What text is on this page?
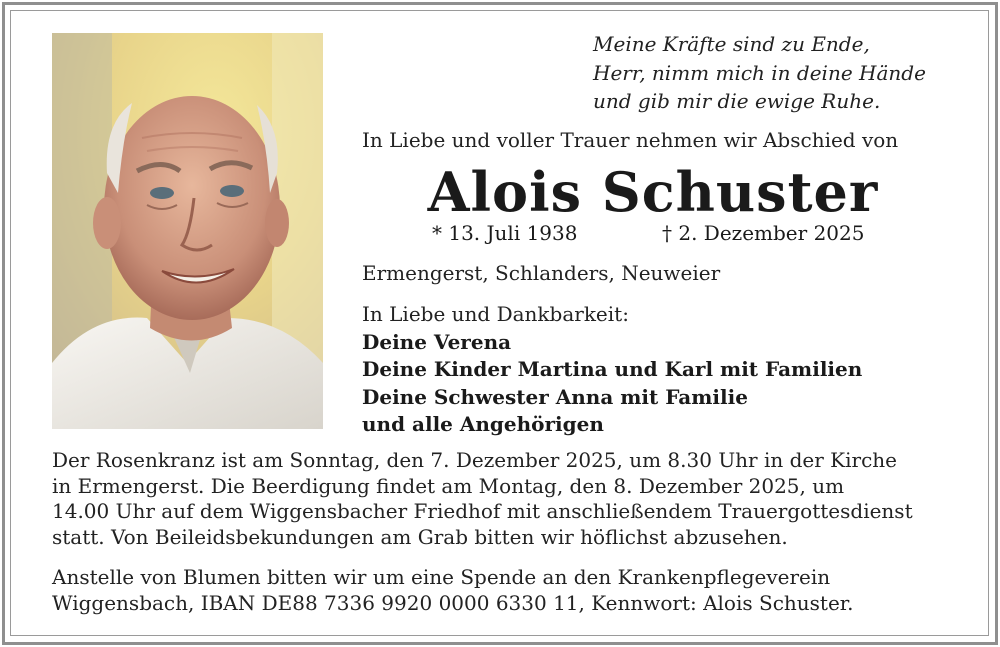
Meine Kräfte sind zu Ende,
Herr, nimm mich in deine Hände
und gib mir die ewige Ruhe.
In Liebe und voller Trauer nehmen wir Abschied von
Alois Schuster
* 13. Juli 1938	† 2. Dezember 2025
Ermengerst, Schlanders, Neuweier
In Liebe und Dankbarkeit:
Deine Verena
Deine Kinder Martina und Karl mit Familien
Deine Schwester Anna mit Familie
und alle Angehörigen
Der Rosenkranz ist am Sonntag, den 7. Dezember 2025, um 8.30 Uhr in der Kirche
in Ermengerst. Die Beerdigung findet am Montag, den 8. Dezember 2025, um
14.00 Uhr auf dem Wiggensbacher Friedhof mit anschließendem Trauergottesdienst
statt. Von Beileidsbekundungen am Grab bitten wir höflichst abzusehen.
Anstelle von Blumen bitten wir um eine Spende an den Krankenpflegeverein
Wiggensbach, IBAN DE88 7336 9920 0000 6330 11, Kennwort: Alois Schuster.
